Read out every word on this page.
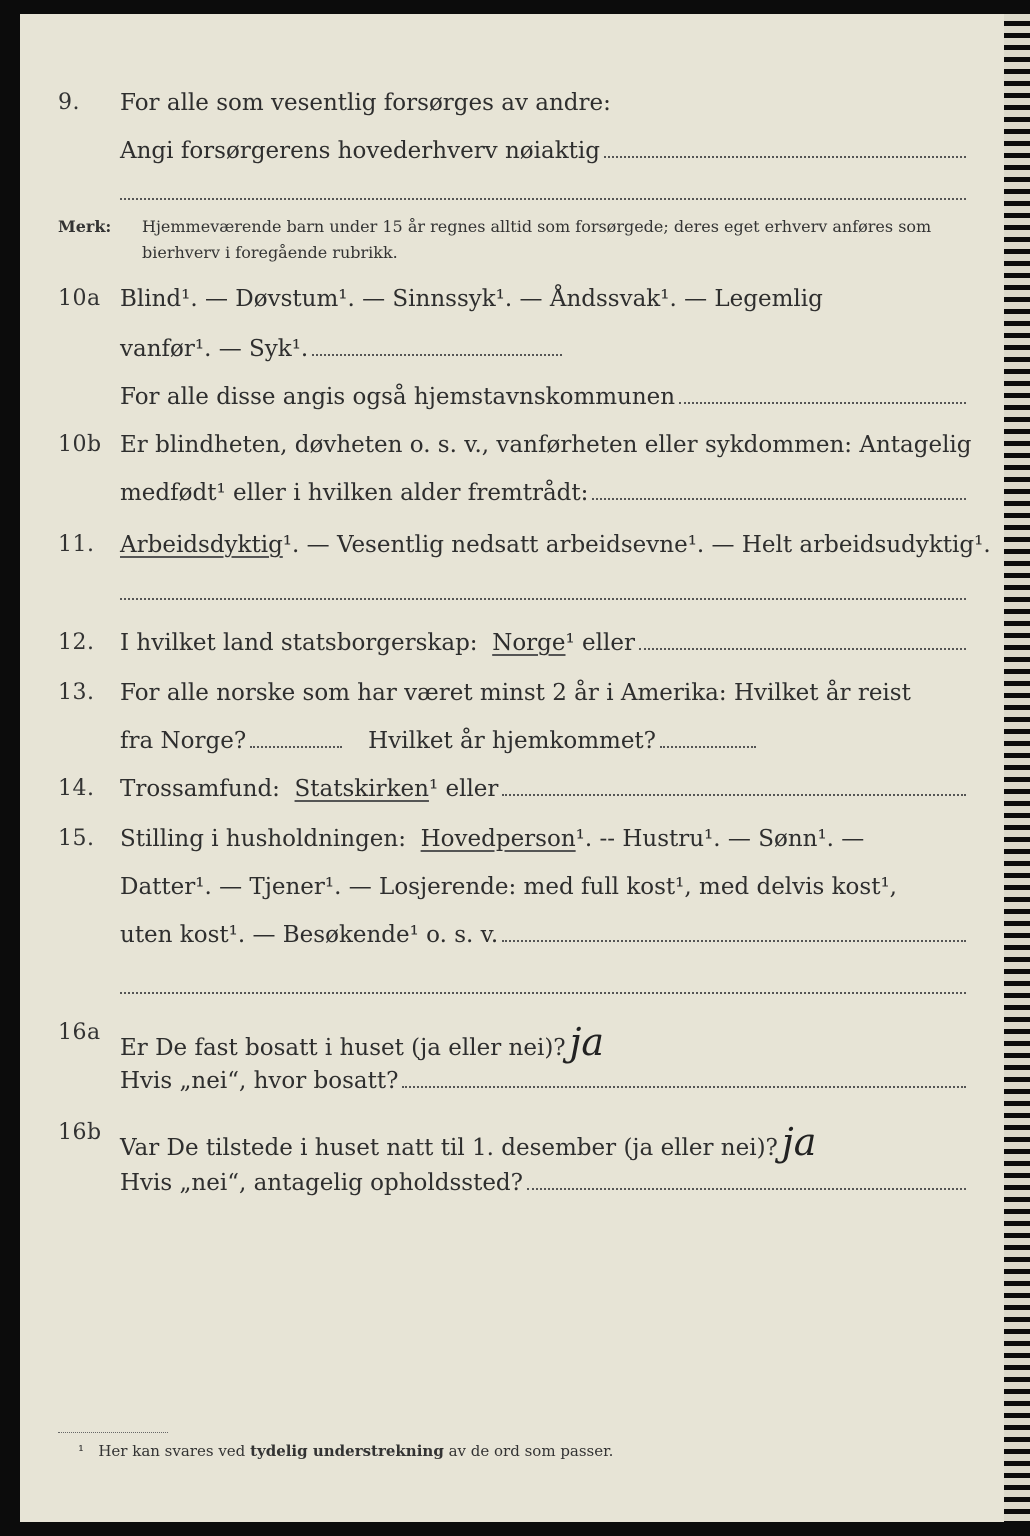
9. For alle som vesentlig forsørges av andre:
Angi forsørgerens hovederhverv nøiaktig
Merk: Hjemmeværende barn under 15 år regnes alltid som forsørgede; deres eget erhverv anføres som bierhverv i foregående rubrikk.
10a Blind¹. — Døvstum¹. — Sinnssyk¹. — Åndssvak¹. — Legemlig
vanfør¹. — Syk¹.
For alle disse angis også hjemstavnskommunen
10b Er blindheten, døvheten o. s. v., vanførheten eller sykdommen: Antagelig
medfødt¹ eller i hvilken alder fremtrådt:
11. Arbeidsdyktig ¹. — Vesentlig nedsatt arbeidsevne¹. — Helt arbeidsudyktig¹.
12. I hvilket land statsborgerskap:
Norge ¹ eller
13. For alle norske som har været minst 2 år i Amerika: Hvilket år reist
fra Norge?	Hvilket år hjemkommet?
14. Trossamfund:
Statskirken ¹ eller
15. Stilling i husholdningen:
Hovedperson ¹. -- Hustru¹. — Sønn¹. —
Datter¹. — Tjener¹. — Losjerende: med full kost¹, med delvis kost¹,
uten kost¹. — Besøkende¹ o. s. v.
16a
Er De fast bosatt i huset (ja eller nei)? ja
Hvis „nei“, hvor bosatt?
16b
Var De tilstede i huset natt til 1. desember (ja eller nei)? ja
Hvis „nei“, antagelig opholdssted?
¹ Her kan svares ved tydelig understrekning av de ord som passer.
